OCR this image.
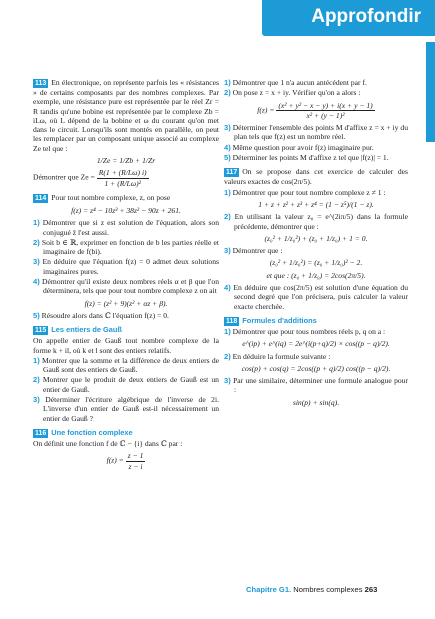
Approfondir

113 En électronique, on représente parfois les « résistances » de certains composants par des nombres complexes. Par exemple, une résistance pure est représentée par le réel Zr = R tandis qu'une bobine est représentée par le complexe Zb = iLω, où L dépend de la bobine et ω du courant qu'on met dans le circuit. Lorsqu'ils sont montés en parallèle, on peut les remplacer par un composant unique associé au complexe Ze tel que :

1/Ze = 1/Zb + 1/Zr

Démontrer que $Ze = \frac{R(1 + (R/L\omega) i)}{\text{1 + (R/Lω)²}}$

114 Pour tout nombre complexe, z, on pose

f(z) = z⁴ − 10z³ + 38z² − 90z + 261.

1) Démontrer que si z est solution de l'équation, alors son conjugué z̄ l'est aussi.

2) Soit b ∈ ℝ, exprimer en fonction de b les parties réelle et imaginaire de f(bi).

3) En déduire que l'équation f(z) = 0 admet deux solutions imaginaires pures.

4) Démontrer qu'il existe deux nombres réels α et β que l'on déterminera, tels que pour tout nombre complexe z on ait

f(z) = (z² + 9)(z² + αz + β).

5) Résoudre alors dans ℂ l'équation f(z) = 0.

115 Les entiers de Gauß

On appelle entier de Gauß tout nombre complexe de la forme k + il, où k et l sont des entiers relatifs.

1) Montrer que la somme et la différence de deux entiers de Gauß sont des entiers de Gauß.

2) Montrer que le produit de deux entiers de Gauß est un entier de Gauß.

3) Déterminer l'écriture algébrique de l'inverse de 2i. L'inverse d'un entier de Gauß est-il nécessairement un entier de Gauß ?

116 Une fonction complexe

On définit une fonction f de ℂ − {i} dans ℂ par :

$f(z) = \frac{z - 1}{z - i}$

1) Démontrer que 1 n'a aucun antécédent par f.

2) On pose z = x + iy. Vérifier qu'on a alors :

$f(z) = \frac{\text{(x² + y² − x − y) + i(x + y − 1)}}{\text{x² + (y − 1)²}}$

3) Déterminer l'ensemble des points M d'affixe z = x + iy du plan tels que f(z) est un nombre réel.

4) Même question pour avoir f(z) imaginaire pur.

5) Déterminer les points M d'affixe z tel que |f(z)| = 1.

117 On se propose dans cet exercice de calculer des valeurs exactes de cos(2π/5).

1) Démontrer que pour tout nombre complexe z ≠ 1 :

1 + z + z² + z³ + z⁴ = (1 − z⁵)/(1 − z).

2) En utilisant la valeur z₀ = e^(2iπ/5) dans la formule précédente, démontrer que :

(z₀² + 1/z₀²) + (z₀ + 1/z₀) + 1 = 0.

3) Démontrer que :

(z₀² + 1/z₀²) = (z₀ + 1/z₀)² − 2.
et que : (z₀ + 1/z₀) = 2cos(2π/5).

4) En déduire que cos(2π/5) est solution d'une équation du second degré que l'on précisera, puis calculer la valeur exacte cherchée.

118 Formules d'additions

1) Démontrer que pour tous nombres réels p, q on a :

e^(ip) + e^(iq) = 2e^(i(p+q)/2) × cos((p − q)/2).

2) En déduire la formule suivante :

cos(p) + cos(q) = 2cos((p + q)/2) cos((p − q)/2).

3) Par une similaire, déterminer une formule analogue pour :

sin(p) + sin(q).
Chapitre G1. Nombres complexes 263
